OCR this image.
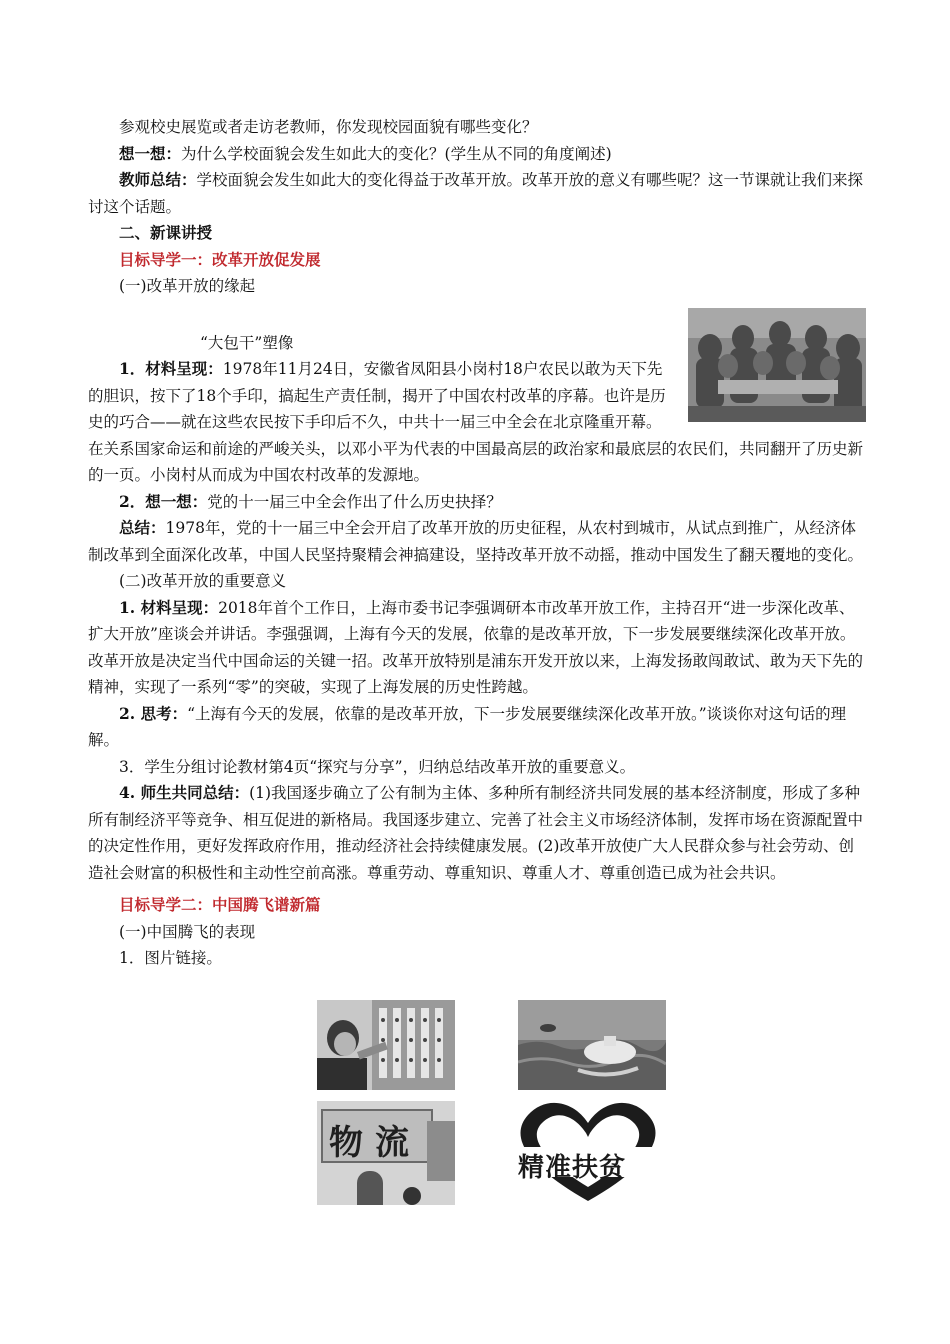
参观校史展览或者走访老教师，你发现校园面貌有哪些变化？

想一想：为什么学校面貌会发生如此大的变化？(学生从不同的角度阐述)

教师总结：学校面貌会发生如此大的变化得益于改革开放。改革开放的意义有哪些呢？这一节课就让我们来探讨这个话题。

二、新课讲授

目标导学一：改革开放促发展

(一)改革开放的缘起

“大包干”塑像

1．材料呈现：1978年11月24日，安徽省凤阳县小岗村18户农民以敢为天下先的胆识，按下了18个手印，搞起生产责任制，揭开了中国农村改革的序幕。也许是历史的巧合——就在这些农民按下手印后不久，中共十一届三中全会在北京隆重开幕。在关系国家命运和前途的严峻关头，以邓小平为代表的中国最高层的政治家和最底层的农民们，共同翻开了历史新的一页。小岗村从而成为中国农村改革的发源地。

2．想一想：党的十一届三中全会作出了什么历史抉择？

总结：1978年，党的十一届三中全会开启了改革开放的历史征程，从农村到城市，从试点到推广，从经济体制改革到全面深化改革，中国人民坚持聚精会神搞建设，坚持改革开放不动摇，推动中国发生了翻天覆地的变化。

(二)改革开放的重要意义

1. 材料呈现：2018年首个工作日，上海市委书记李强调研本市改革开放工作，主持召开“进一步深化改革、扩大开放”座谈会并讲话。李强强调，上海有今天的发展，依靠的是改革开放，下一步发展要继续深化改革开放。改革开放是决定当代中国命运的关键一招。改革开放特别是浦东开发开放以来，上海发扬敢闯敢试、敢为天下先的精神，实现了一系列“零”的突破，实现了上海发展的历史性跨越。

2. 思考：“上海有今天的发展，依靠的是改革开放，下一步发展要继续深化改革开放。”谈谈你对这句话的理解。

3．学生分组讨论教材第4页“探究与分享”，归纳总结改革开放的重要意义。

4. 师生共同总结：(1)我国逐步确立了公有制为主体、多种所有制经济共同发展的基本经济制度，形成了多种所有制经济平等竞争、相互促进的新格局。我国逐步建立、完善了社会主义市场经济体制，发挥市场在资源配置中的决定性作用，更好发挥政府作用，推动经济社会持续健康发展。(2)改革开放使广大人民群众参与社会劳动、创造社会财富的积极性和主动性空前高涨。尊重劳动、尊重知识、尊重人才、尊重创造已成为社会共识。

目标导学二：中国腾飞谱新篇

(一)中国腾飞的表现

1．图片链接。

物流
精准扶贫
